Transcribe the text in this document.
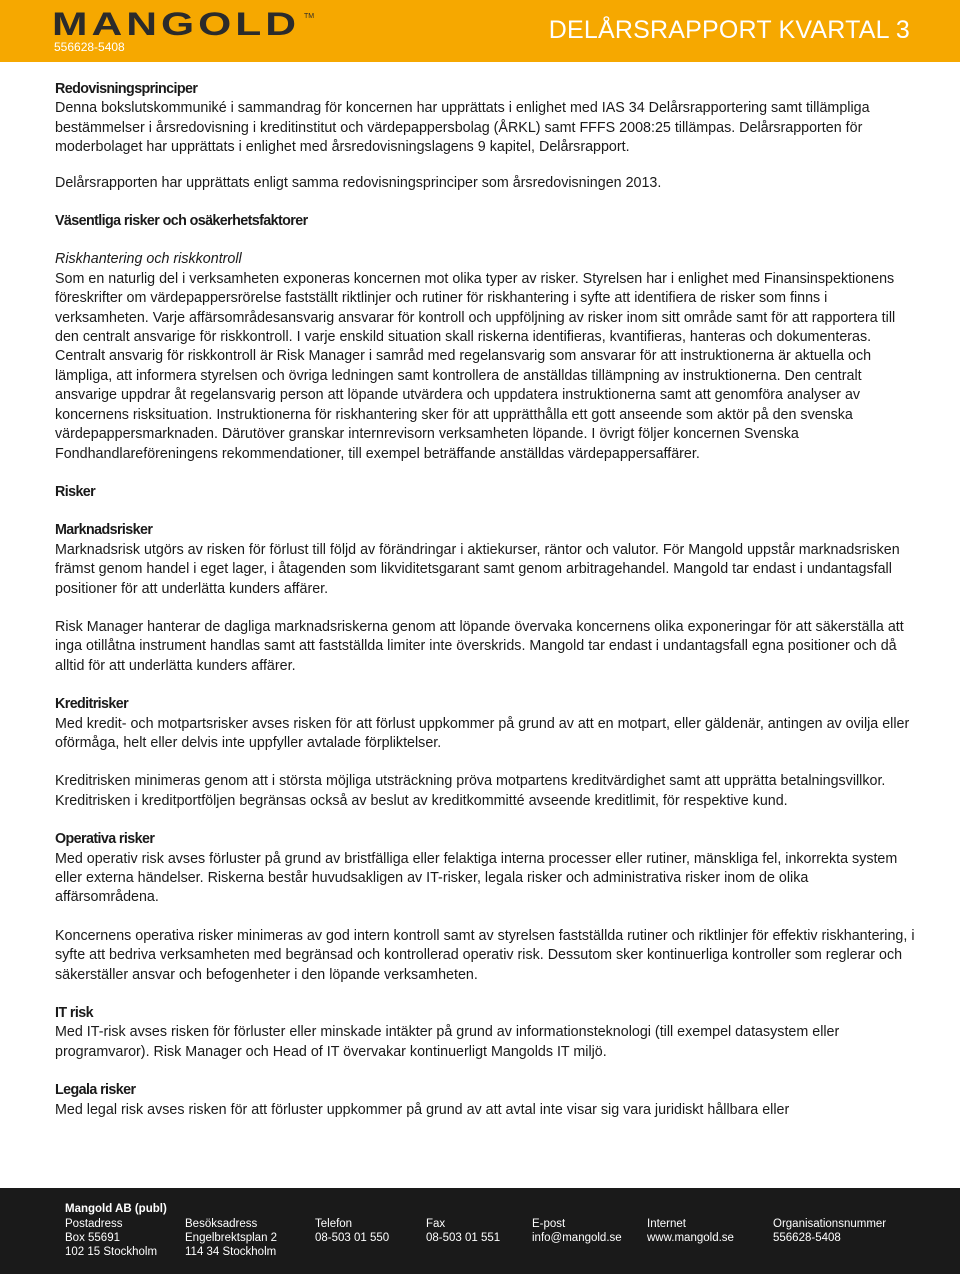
MANGOLD TM
556628-5408
DELÅRSRAPPORT KVARTAL 3

Redovisningsprinciper

Denna bokslutskommuniké i sammandrag för koncernen har upprättats i enlighet med IAS 34 Delårsrapportering samt tillämpliga bestämmelser i årsredovisning i kreditinstitut och värdepappersbolag (ÅRKL) samt FFFS 2008:25 tillämpas. Delårsrapporten för moderbolaget har upprättats i enlighet med årsredovisningslagens 9 kapitel, Delårsrapport.

Delårsrapporten har upprättats enligt samma redovisningsprinciper som årsredovisningen 2013.

Väsentliga risker och osäkerhetsfaktorer

Riskhantering och riskkontroll

Som en naturlig del i verksamheten exponeras koncernen mot olika typer av risker. Styrelsen har i enlighet med Finansinspektionens föreskrifter om värdepappersrörelse fastställt riktlinjer och rutiner för riskhantering i syfte att identifiera de risker som finns i verksamheten. Varje affärsområdesansvarig ansvarar för kontroll och uppföljning av risker inom sitt område samt för att rapportera till den centralt ansvarige för riskkontroll. I varje enskild situation skall riskerna identifieras, kvantifieras, hanteras och dokumenteras. Centralt ansvarig för riskkontroll är Risk Manager i samråd med regelansvarig som ansvarar för att instruktionerna är aktuella och lämpliga, att informera styrelsen och övriga ledningen samt kontrollera de anställdas tillämpning av instruktionerna. Den centralt ansvarige uppdrar åt regelansvarig person att löpande utvärdera och uppdatera instruktionerna samt att genomföra analyser av koncernens risksituation. Instruktionerna för riskhantering sker för att upprätthålla ett gott anseende som aktör på den svenska värdepappersmarknaden. Därutöver granskar internrevisorn verksamheten löpande. I övrigt följer koncernen Svenska Fondhandlareföreningens rekommendationer, till exempel beträffande anställdas värdepappersaffärer.

Risker

Marknadsrisker

Marknadsrisk utgörs av risken för förlust till följd av förändringar i aktiekurser, räntor och valutor. För Mangold uppstår marknadsrisken främst genom handel i eget lager, i åtagenden som likviditetsgarant samt genom arbitragehandel. Mangold tar endast i undantagsfall positioner för att underlätta kunders affärer.

Risk Manager hanterar de dagliga marknadsriskerna genom att löpande övervaka koncernens olika exponeringar för att säkerställa att inga otillåtna instrument handlas samt att fastställda limiter inte överskrids. Mangold tar endast i undantagsfall egna positioner och då alltid för att underlätta kunders affärer.

Kreditrisker

Med kredit- och motpartsrisker avses risken för att förlust uppkommer på grund av att en motpart, eller gäldenär, antingen av ovilja eller oförmåga, helt eller delvis inte uppfyller avtalade förpliktelser.

Kreditrisken minimeras genom att i största möjliga utsträckning pröva motpartens kreditvärdighet samt att upprätta betalningsvillkor. Kreditrisken i kreditportföljen begränsas också av beslut av kreditkommitté avseende kreditlimit, för respektive kund.

Operativa risker

Med operativ risk avses förluster på grund av bristfälliga eller felaktiga interna processer eller rutiner, mänskliga fel, inkorrekta system eller externa händelser. Riskerna består huvudsakligen av IT-risker, legala risker och administrativa risker inom de olika affärsområdena.

Koncernens operativa risker minimeras av god intern kontroll samt av styrelsen fastställda rutiner och riktlinjer för effektiv riskhantering, i syfte att bedriva verksamheten med begränsad och kontrollerad operativ risk. Dessutom sker kontinuerliga kontroller som reglerar och säkerställer ansvar och befogenheter i den löpande verksamheten.

IT risk

Med IT-risk avses risken för förluster eller minskade intäkter på grund av informationsteknologi (till exempel datasystem eller programvaror). Risk Manager och Head of IT övervakar kontinuerligt Mangolds IT miljö.

Legala risker

Med legal risk avses risken för att förluster uppkommer på grund av att avtal inte visar sig vara juridiskt hållbara eller

Mangold AB (publ)
Postadress
Box 55691
102 15 Stockholm
Besöksadress
Engelbrektsplan 2
114 34 Stockholm
Telefon
08-503 01 550
Fax
08-503 01 551
E-post
info@mangold.se
Internet
www.mangold.se
Organisationsnummer
556628-5408
